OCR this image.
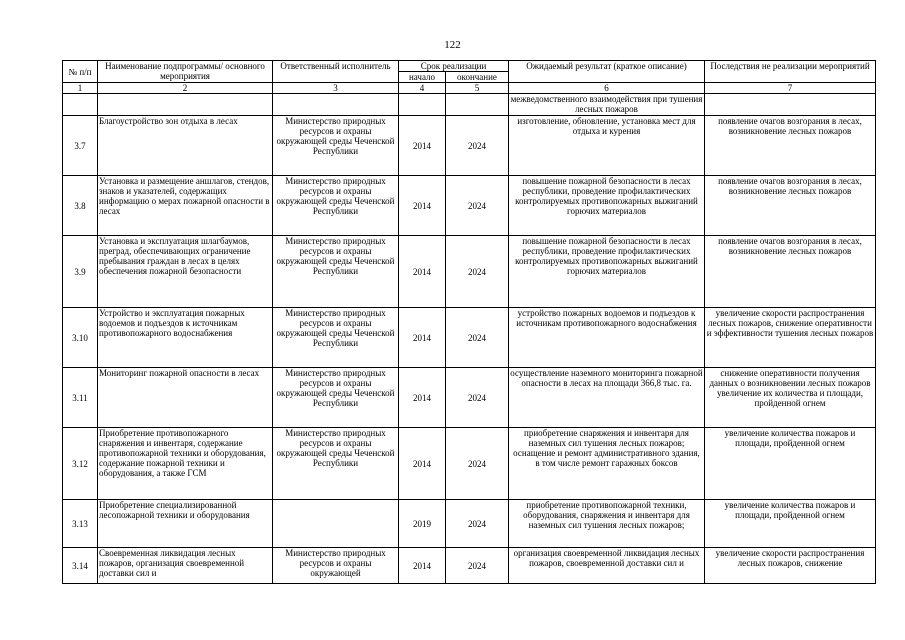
122
№ п/п	Наименование подпрограммы/ основного мероприятия	Ответственный исполнитель	Срок реализации		Ожидаемый результат (краткое описание)	Последствия не реализации мероприятий
			начало	окончание		
1	2	3	4	5	6	7
					межведомственного взаимодействия при тушения лесных пожаров	
3.7	Благоустройство зон отдыха в лесах	Министерство природных ресурсов и охраны окружающей среды Чеченской Республики	2014	2024	изготовление, обновление, установка мест для отдыха и курения	появление очагов возгорания в лесах, возникновение лесных пожаров
3.8	Установка и размещение аншлагов, стендов, знаков и указателей, содержащих информацию о мерах пожарной опасности в лесах	Министерство природных ресурсов и охраны окружающей среды Чеченской Республики	2014	2024	повышение пожарной безопасности в лесах республики, проведение профилактических контролируемых противопожарных выжиганий горючих материалов	появление очагов возгорания в лесах, возникновение лесных пожаров
3.9	Установка и эксплуатация шлагбаумов, преград, обеспечивающих ограничение пребывания граждан в лесах в целях обеспечения пожарной безопасности	Министерство природных ресурсов и охраны окружающей среды Чеченской Республики	2014	2024	повышение пожарной безопасности в лесах республики, проведение профилактических контролируемых противопожарных выжиганий горючих материалов	появление очагов возгорания в лесах, возникновение лесных пожаров
3.10	Устройство и эксплуатация пожарных водоемов и подъездов к источникам противопожарного водоснабжения	Министерство природных ресурсов и охраны окружающей среды Чеченской Республики	2014	2024	устройство пожарных водоемов и подъездов к источникам противопожарного водоснабжения	увеличение скорости распространения лесных пожаров, снижение оперативности и эффективности тушения лесных пожаров
3.11	Мониторинг пожарной опасности в лесах	Министерство природных ресурсов и охраны окружающей среды Чеченской Республики	2014	2024	осуществление наземного мониторинга пожарной опасности в лесах на площади 366,8 тыс. га.	снижение оперативности получения данных о возникновении лесных пожаров увеличение их количества и площади, пройденной огнем
3.12	Приобретение противопожарного снаряжения и инвентаря, содержание противопожарной техники и оборудования, содержание пожарной техники и оборудования, а также ГСМ	Министерство природных ресурсов и охраны окружающей среды Чеченской Республики	2014	2024	приобретение снаряжения и инвентаря для наземных сил тушения лесных пожаров; оснащение и ремонт административного здания, в том числе ремонт гаражных боксов	увеличение количества пожаров и площади, пройденной огнем
3.13	Приобретение специализированной лесопожарной техники и оборудования		2019	2024	приобретение противопожарной техники, оборудования, снаряжения и инвентаря для наземных сил тушения лесных пожаров;	увеличение количества пожаров и площади, пройденной огнем
3.14	Своевременная ликвидация лесных пожаров, организация своевременной доставки сил и	Министерство природных ресурсов и охраны окружающей	2014	2024	организация своевременной ликвидация лесных пожаров, своевременной доставки сил и	увеличение скорости распространения лесных пожаров, снижение
